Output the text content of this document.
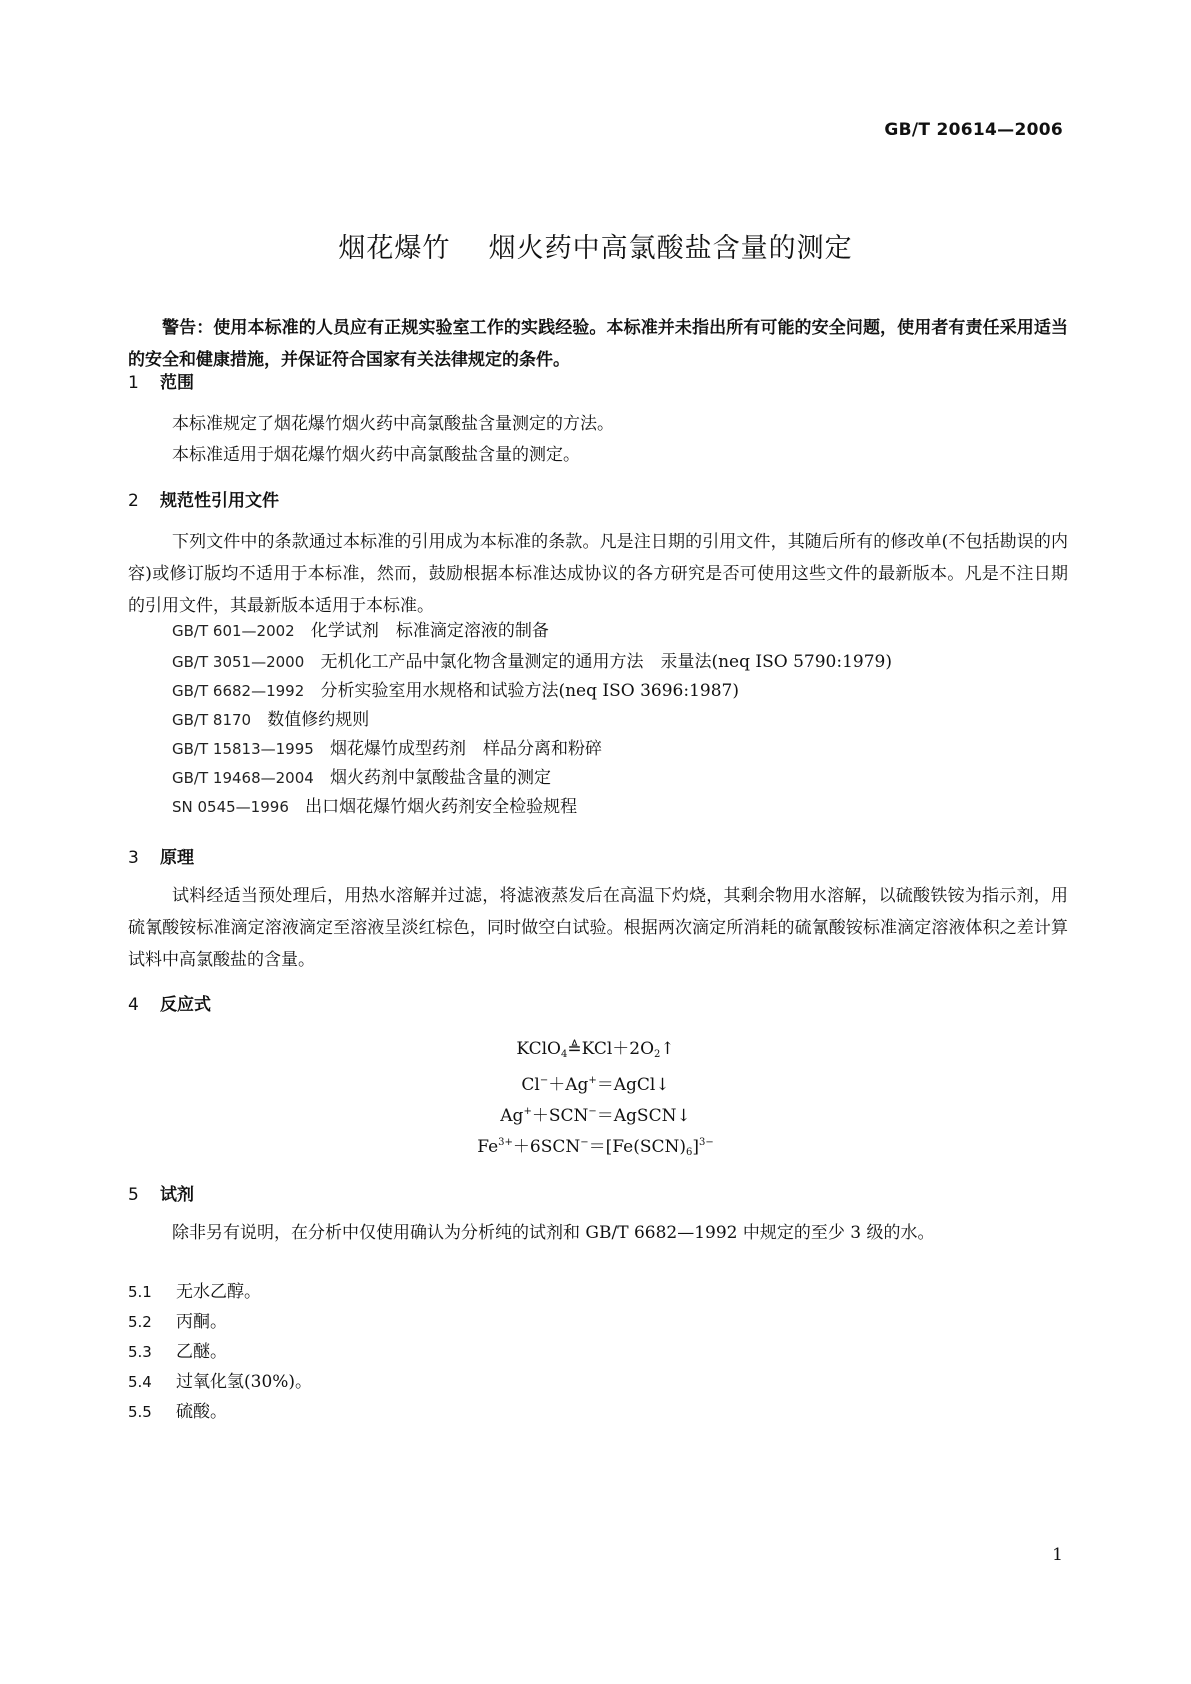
GB/T 20614—2006
烟花爆竹 烟火药中高氯酸盐含量的测定
警告：使用本标准的人员应有正规实验室工作的实践经验。本标准并未指出所有可能的安全问题，使用者有责任采用适当的安全和健康措施，并保证符合国家有关法律规定的条件。
1 范围
本标准规定了烟花爆竹烟火药中高氯酸盐含量测定的方法。
本标准适用于烟花爆竹烟火药中高氯酸盐含量的测定。
2 规范性引用文件
下列文件中的条款通过本标准的引用成为本标准的条款。凡是注日期的引用文件，其随后所有的修改单(不包括勘误的内容)或修订版均不适用于本标准，然而，鼓励根据本标准达成协议的各方研究是否可使用这些文件的最新版本。凡是不注日期的引用文件，其最新版本适用于本标准。
GB/T 601—2002 化学试剂　标准滴定溶液的制备
GB/T 3051—2000 无机化工产品中氯化物含量测定的通用方法　汞量法(neq ISO 5790:1979)
GB/T 6682—1992 分析实验室用水规格和试验方法(neq ISO 3696:1987)
GB/T 8170 数值修约规则
GB/T 15813—1995 烟花爆竹成型药剂　样品分离和粉碎
GB/T 19468—2004 烟火药剂中氯酸盐含量的测定
SN 0545—1996 出口烟花爆竹烟火药剂安全检验规程
3 原理
试料经适当预处理后，用热水溶解并过滤，将滤液蒸发后在高温下灼烧，其剩余物用水溶解，以硫酸铁铵为指示剂，用硫氰酸铵标准滴定溶液滴定至溶液呈淡红棕色，同时做空白试验。根据两次滴定所消耗的硫氰酸铵标准滴定溶液体积之差计算试料中高氯酸盐的含量。
4 反应式
$KClO_4≜KCl+2O_2↑$
Cl−＋Ag+＝AgCl↓
Ag+＋SCN−＝AgSCN↓
$Fe^{3+}+6SCN^-=[Fe(SCN)_6]^{3-}$
5 试剂
除非另有说明，在分析中仅使用确认为分析纯的试剂和 GB/T 6682—1992 中规定的至少 3 级的水。
5.1 无水乙醇。
5.2 丙酮。
5.3 乙醚。
5.4 过氧化氢(30%)。
5.5 硫酸。
1
